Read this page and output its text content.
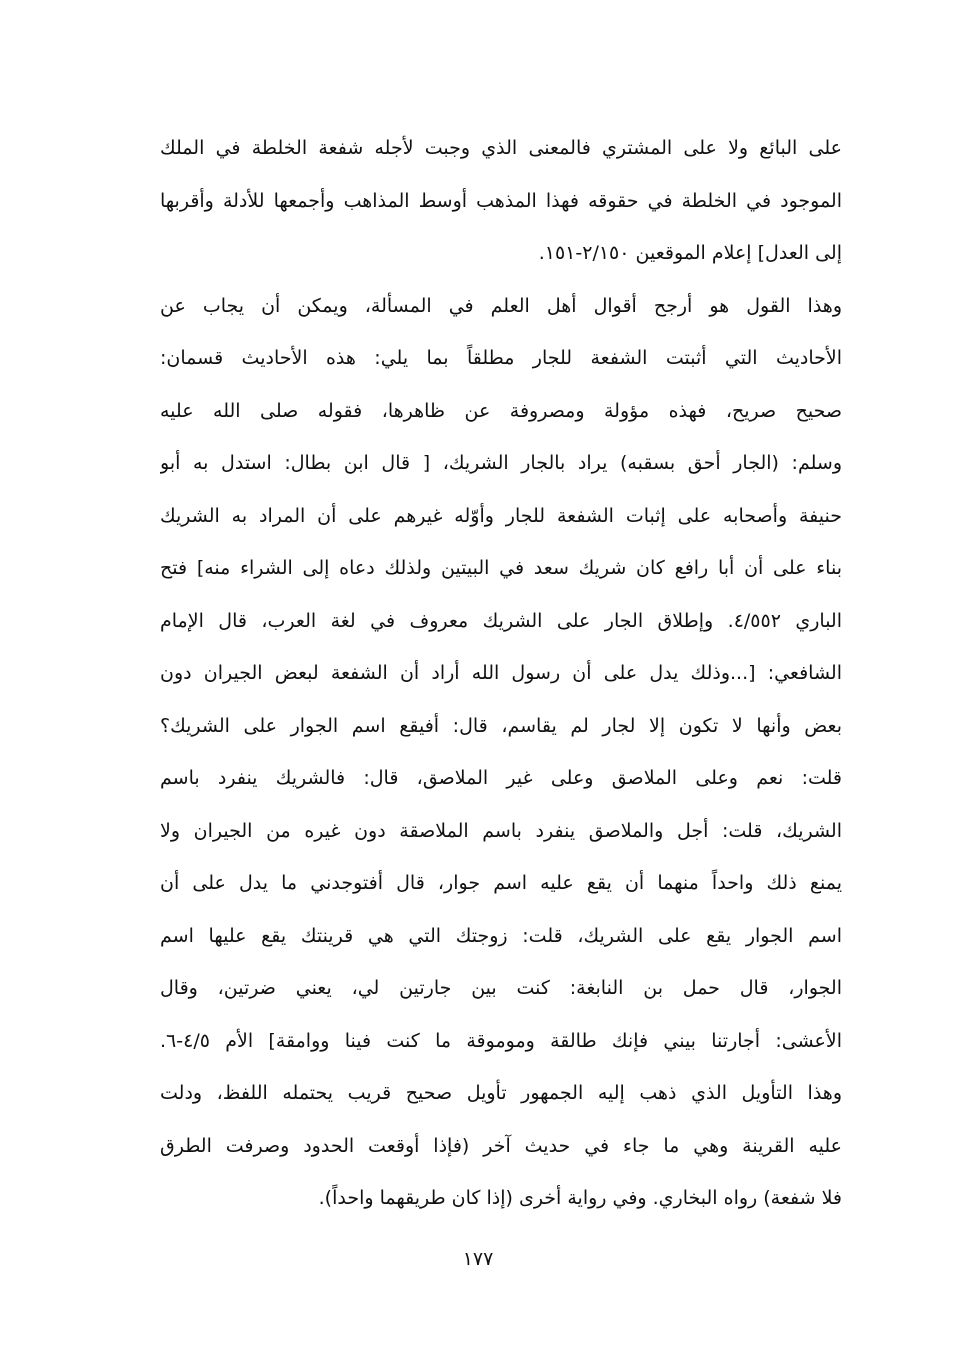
على البائع ولا على المشتري فالمعنى الذي وجبت لأجله شفعة الخلطة في الملك
الموجود في الخلطة في حقوقه فهذا المذهب أوسط المذاهب وأجمعها للأدلة وأقربها
إلى العدل] إعلام الموقعين ٢/١٥٠-١٥١.
وهذا القول هو أرجح أقوال أهل العلم في المسألة، ويمكن أن يجاب عن
الأحاديث التي أثبتت الشفعة للجار مطلقاً بما يلي: هذه الأحاديث قسمان:
صحيح صريح، فهذه مؤولة ومصروفة عن ظاهرها، فقوله صلى الله عليه
وسلم: (الجار أحق بسقبه) يراد بالجار الشريك، [ قال ابن بطال: استدل به أبو
حنيفة وأصحابه على إثبات الشفعة للجار وأوّله غيرهم على أن المراد به الشريك
بناء على أن أبا رافع كان شريك سعد في البيتين ولذلك دعاه إلى الشراء منه] فتح
الباري ٤/٥٥٢. وإطلاق الجار على الشريك معروف في لغة العرب، قال الإمام
الشافعي: [...وذلك يدل على أن رسول الله أراد أن الشفعة لبعض الجيران دون
بعض وأنها لا تكون إلا لجار لم يقاسم، قال: أفيقع اسم الجوار على الشريك؟
قلت: نعم وعلى الملاصق وعلى غير الملاصق، قال: فالشريك ينفرد باسم
الشريك، قلت: أجل والملاصق ينفرد باسم الملاصقة دون غيره من الجيران ولا
يمنع ذلك واحداً منهما أن يقع عليه اسم جوار، قال أفتوجدني ما يدل على أن
اسم الجوار يقع على الشريك، قلت: زوجتك التي هي قرينتك يقع عليها اسم
الجوار، قال حمل بن النابغة: كنت بين جارتين لي، يعني ضرتين، وقال
الأعشى: أجارتنا بيني فإنك طالقة وموموقة ما كنت فينا ووامقة] الأم ٤/٥-٦.
وهذا التأويل الذي ذهب إليه الجمهور تأويل صحيح قريب يحتمله اللفظ، ودلت
عليه القرينة وهي ما جاء في حديث آخر (فإذا أوقعت الحدود وصرفت الطرق
فلا شفعة) رواه البخاري. وفي رواية أخرى (إذا كان طريقهما واحداً).
١٧٧
